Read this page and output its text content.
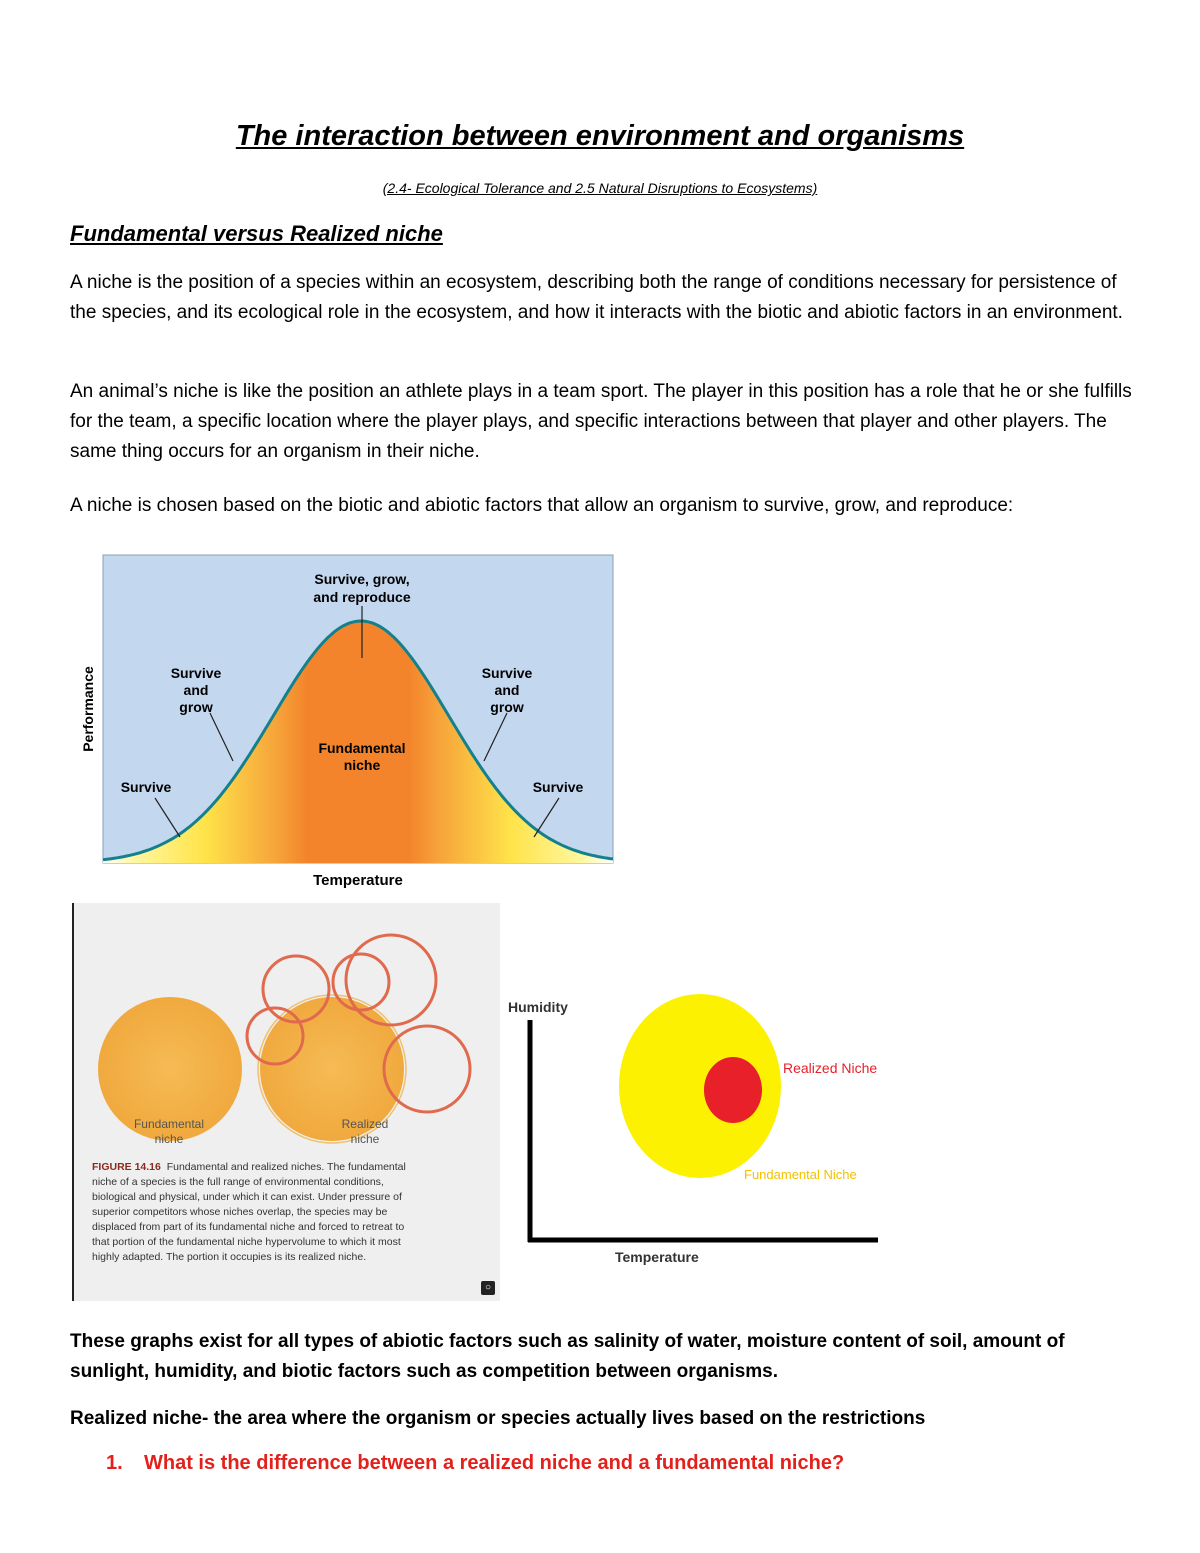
The interaction between environment and organisms
(2.4- Ecological Tolerance and 2.5 Natural Disruptions to Ecosystems)
Fundamental versus Realized niche
A niche is the position of a species within an ecosystem, describing both the range of conditions necessary for persistence of the species, and its ecological role in the ecosystem, and how it interacts with the biotic and abiotic factors in an environment.
An animal’s niche is like the position an athlete plays in a team sport. The player in this position has a role that he or she fulfills for the team, a specific location where the player plays, and specific interactions between that player and other players. The same thing occurs for an organism in their niche.
A niche is chosen based on the biotic and abiotic factors that allow an organism to survive, grow, and reproduce:
Survive, grow,
and reproduce
Survive
and
grow
Survive
and
grow
Survive	Survive
Fundamental
niche
Performance
Temperature
Fundamental
niche
Realized
niche
FIGURE 14.16 Fundamental and realized niches. The fundamental
niche of a species is the full range of environmental conditions,
biological and physical, under which it can exist. Under pressure of
superior competitors whose niches overlap, the species may be
displaced from part of its fundamental niche and forced to retreat to
that portion of the fundamental niche hypervolume to which it most
highly adapted. The portion it occupies is its realized niche.
○
Humidity
Temperature
Realized Niche
Fundamental Niche
These graphs exist for all types of abiotic factors such as salinity of water, moisture content of soil, amount of sunlight, humidity, and biotic factors such as competition between organisms.
Realized niche- the area where the organism or species actually lives based on the restrictions
1. What is the difference between a realized niche and a fundamental niche?
